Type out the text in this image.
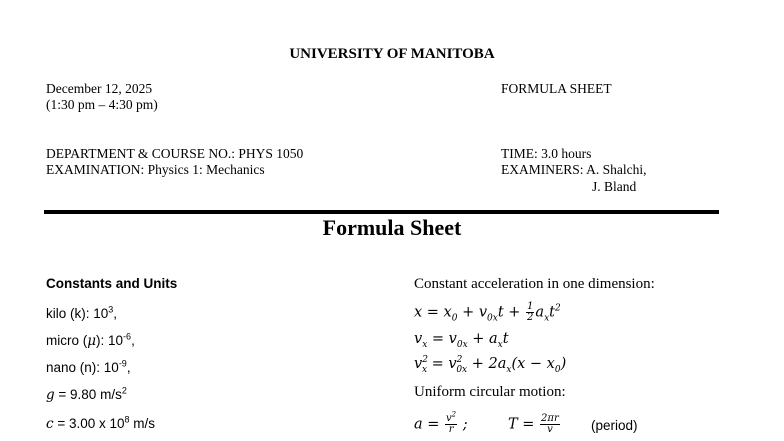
UNIVERSITY OF MANITOBA
December 12, 2025
(1:30 pm – 4:30 pm)
FORMULA SHEET
DEPARTMENT & COURSE NO.: PHYS 1050
EXAMINATION: Physics 1: Mechanics
TIME: 3.0 hours
EXAMINERS: A. Shalchi,
J. Bland
Formula Sheet
Constants and Units
kilo (k): $10^3$,
micro (μ): $10^{-6}$,
nano (n): $10^{-9}$,
g = 9.80 $m/s^2$
c = 3.00 x $10^8$ m/s
Constant acceleration in one dimension:
$x = x_0 + v_{0x}t + \frac{1}{2} a_xt^2$
$v_x = v_{0x} + a_xt$
$v^2_x = v^2_{0x} + 2a_x(x - x_0)$
Uniform circular motion:
$a = \frac{v^2}{r}$ ;	$T = \frac{2\pi r}{v}$ (period)
